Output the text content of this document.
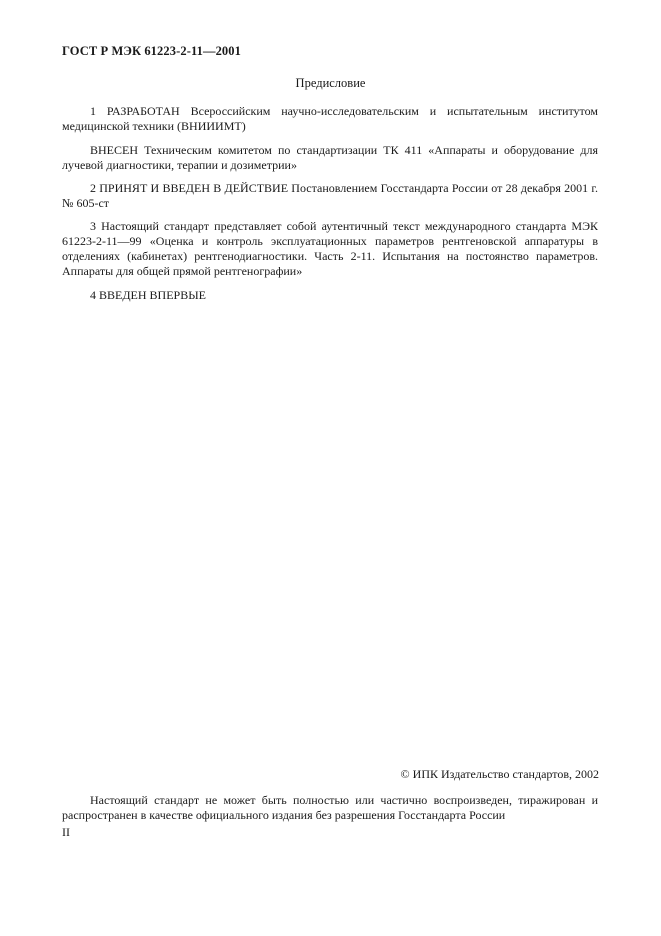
ГОСТ Р МЭК 61223-2-11—2001
Предисловие

1 РАЗРАБОТАН Всероссийским научно-исследовательским и испытательным институтом медицинской техники (ВНИИИМТ)

ВНЕСЕН Техническим комитетом по стандартизации ТК 411 «Аппараты и оборудование для лучевой диагностики, терапии и дозиметрии»

2 ПРИНЯТ И ВВЕДЕН В ДЕЙСТВИЕ Постановлением Госстандарта России от 28 декабря 2001 г. № 605-ст

3 Настоящий стандарт представляет собой аутентичный текст международного стандарта МЭК 61223-2-11—99 «Оценка и контроль эксплуатационных параметров рентгеновской аппаратуры в отделениях (кабинетах) рентгенодиагностики. Часть 2-11. Испытания на постоянство параметров. Аппараты для общей прямой рентгенографии»

4 ВВЕДЕН ВПЕРВЫЕ

© ИПК Издательство стандартов, 2002

Настоящий стандарт не может быть полностью или частично воспроизведен, тиражирован и распространен в качестве официального издания без разрешения Госстандарта России

II
